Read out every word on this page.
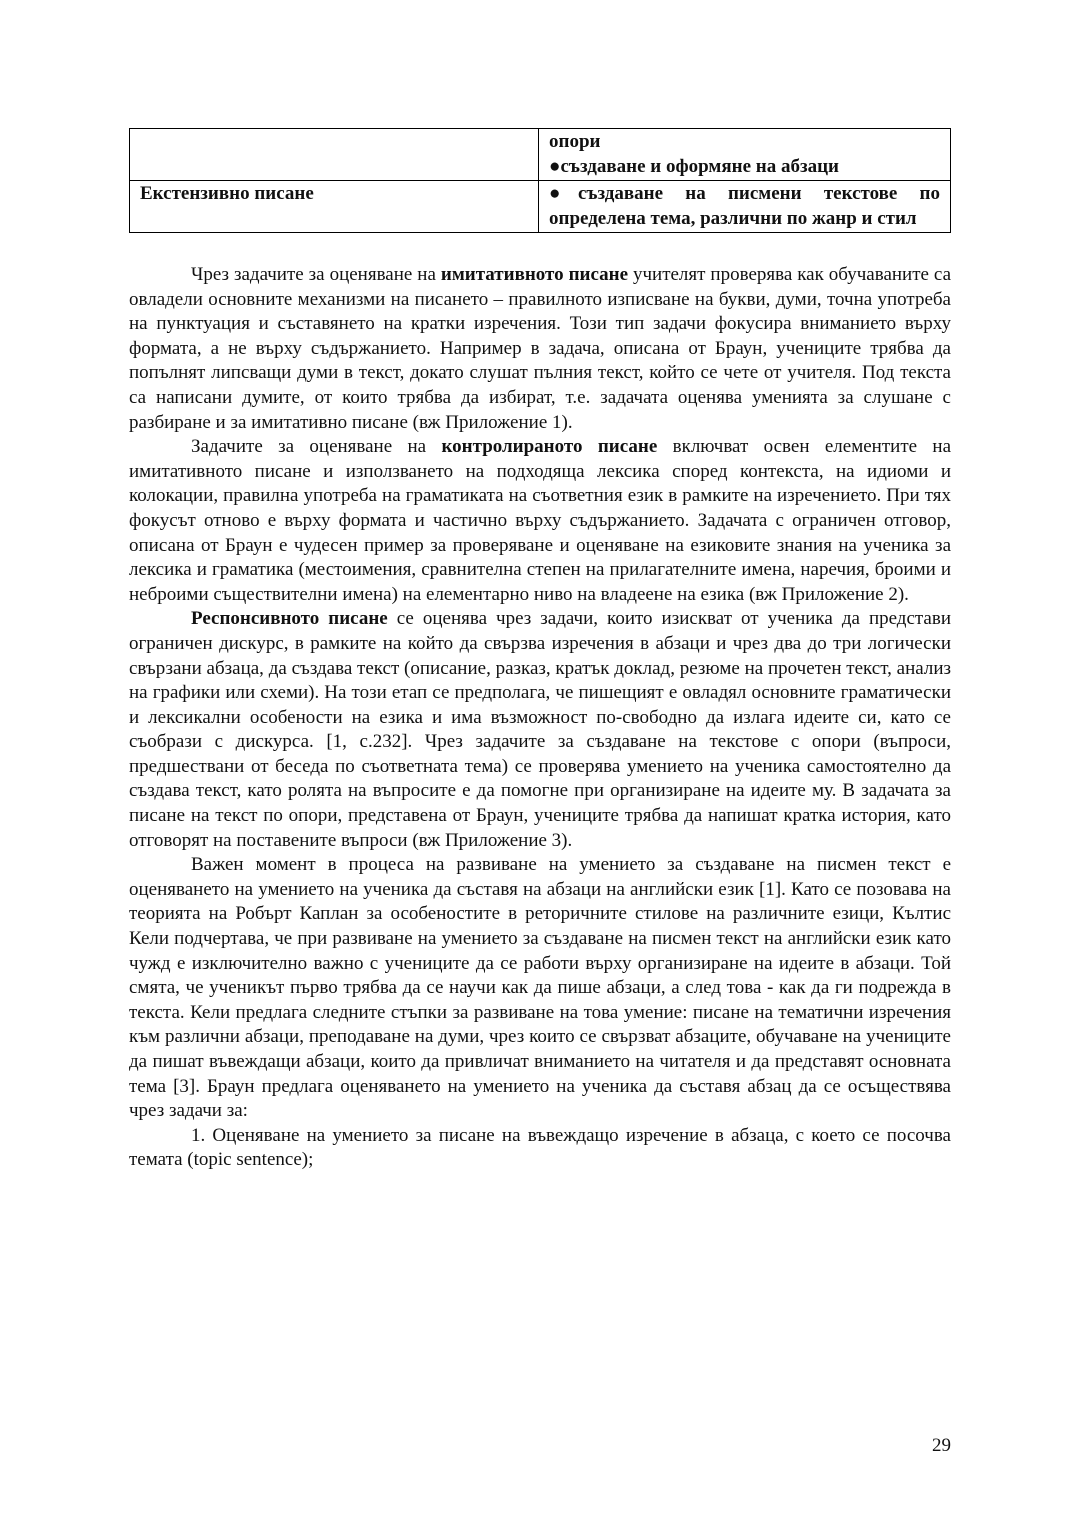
	опори
●създаване и оформяне на абзаци

Екстензивно писане	●създаване на писмени текстове по определена тема, различни по жанр и стил

Чрез задачите за оценяване на имитативното писане учителят проверява как обучаваните са овладели основните механизми на писането – правилното изписване на букви, думи, точна употреба на пунктуация и съставянето на кратки изречения. Този тип задачи фокусира вниманието върху формата, а не върху съдържанието. Например в задача, описана от Браун, учениците трябва да попълнят липсващи думи в текст, докато слушат пълния текст, който се чете от учителя. Под текста са написани думите, от които трябва да избират, т.е. задачата оценява уменията за слушане с разбиране и за имитативно писане (вж Приложение 1).

Задачите за оценяване на контролираното писане включват освен елементите на имитативното писане и използването на подходяща лексика според контекста, на идиоми и колокации, правилна употреба на граматиката на съответния език в рамките на изречението. При тях фокусът отново е върху формата и частично върху съдържанието. Задачата с ограничен отговор, описана от Браун е чудесен пример за проверяване и оценяване на езиковите знания на ученика за лексика и граматика (местоимения, сравнителна степен на прилагателните имена, наречия, броими и неброими съществителни имена) на елементарно ниво на владеене на езика (вж Приложение 2).

Респонсивното писане се оценява чрез задачи, които изискват от ученика да представи ограничен дискурс, в рамките на който да свързва изречения в абзаци и чрез два до три логически свързани абзаца, да създава текст (описание, разказ, кратък доклад, резюме на прочетен текст, анализ на графики или схеми). На този етап се предполага, че пишещият е овладял основните граматически и лексикални особености на езика и има възможност по-свободно да излага идеите си, като се съобрази с дискурса. [1, с.232]. Чрез задачите за създаване на текстове с опори (въпроси, предшествани от беседа по съответната тема) се проверява умението на ученика самостоятелно да създава текст, като ролята на въпросите е да помогне при организиране на идеите му. В задачата за писане на текст по опори, представена от Браун, учениците трябва да напишат кратка история, като отговорят на поставените въпроси (вж Приложение 3).

Важен момент в процеса на развиване на умението за създаване на писмен текст е оценяването на умението на ученика да съставя на абзаци на английски език [1]. Като се позовава на теорията на Робърт Каплан за особеностите в реторичните стилове на различните езици, Кълтис Кели подчертава, че при развиване на умението за създаване на писмен текст на английски език като чужд е изключително важно с учениците да се работи върху организиране на идеите в абзаци. Той смята, че ученикът първо трябва да се научи как да пише абзаци, а след това - как да ги подрежда в текста. Кели предлага следните стъпки за развиване на това умение: писане на тематични изречения към различни абзаци, преподаване на думи, чрез които се свързват абзаците, обучаване на учениците да пишат въвеждащи абзаци, които да привличат вниманието на читателя и да представят основната тема [3]. Браун предлага оценяването на умението на ученика да съставя абзац да се осъществява чрез задачи за:

1. Оценяване на умението за писане на въвеждащо изречение в абзаца, с което се посочва темата (topic sentence);

29
